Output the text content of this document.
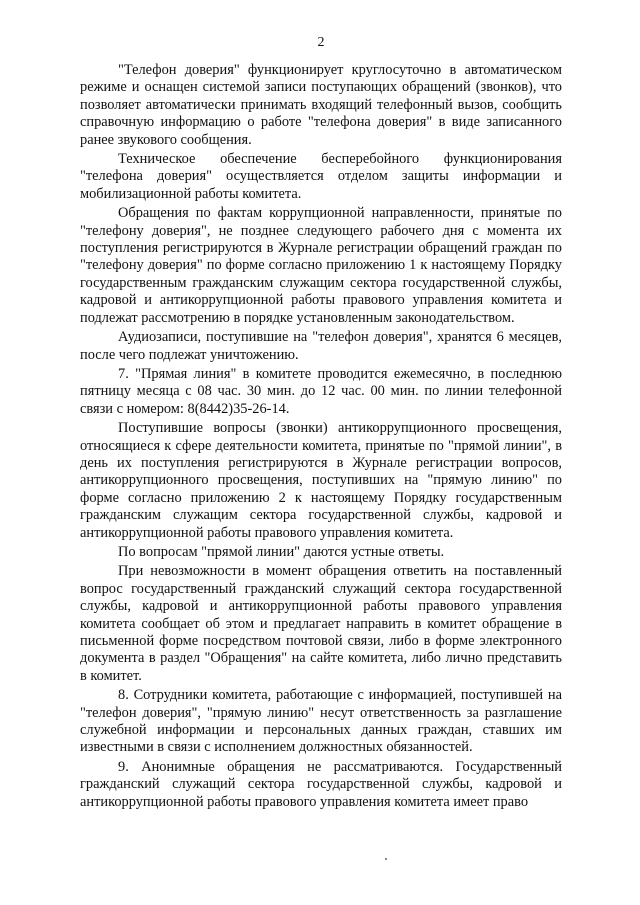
2

"Телефон доверия" функционирует круглосуточно в автоматическом режиме и оснащен системой записи поступающих обращений (звонков), что позволяет автоматически принимать входящий телефонный вызов, сообщить справочную информацию о работе "телефона доверия" в виде записанного ранее звукового сообщения.

Техническое обеспечение бесперебойного функционирования "телефона доверия" осуществляется отделом защиты информации и мобилизационной работы комитета.

Обращения по фактам коррупционной направленности, принятые по "телефону доверия", не позднее следующего рабочего дня с момента их поступления регистрируются в Журнале регистрации обращений граждан по "телефону доверия" по форме согласно приложению 1 к настоящему Порядку государственным гражданским служащим сектора государственной службы, кадровой и антикоррупционной работы правового управления комитета и подлежат рассмотрению в порядке установленным законодательством.

Аудиозаписи, поступившие на "телефон доверия", хранятся 6 месяцев, после чего подлежат уничтожению.

7. "Прямая линия" в комитете проводится ежемесячно, в последнюю пятницу месяца с 08 час. 30 мин. до 12 час. 00 мин. по линии телефонной связи с номером: 8(8442)35-26-14.

Поступившие вопросы (звонки) антикоррупционного просвещения, относящиеся к сфере деятельности комитета, принятые по "прямой линии", в день их поступления регистрируются в Журнале регистрации вопросов, антикоррупционного просвещения, поступивших на "прямую линию" по форме согласно приложению 2 к настоящему Порядку государственным гражданским служащим сектора государственной службы, кадровой и антикоррупционной работы правового управления комитета.

По вопросам "прямой линии" даются устные ответы.

При невозможности в момент обращения ответить на поставленный вопрос государственный гражданский служащий сектора государственной службы, кадровой и антикоррупционной работы правового управления комитета сообщает об этом и предлагает направить в комитет обращение в письменной форме посредством почтовой связи, либо в форме электронного документа в раздел "Обращения" на сайте комитета, либо лично представить в комитет.

8. Сотрудники комитета, работающие с информацией, поступившей на "телефон доверия", "прямую линию" несут ответственность за разглашение служебной информации и персональных данных граждан, ставших им известными в связи с исполнением должностных обязанностей.

9. Анонимные обращения не рассматриваются. Государственный гражданский служащий сектора государственной службы, кадровой и антикоррупционной работы правового управления комитета имеет право
